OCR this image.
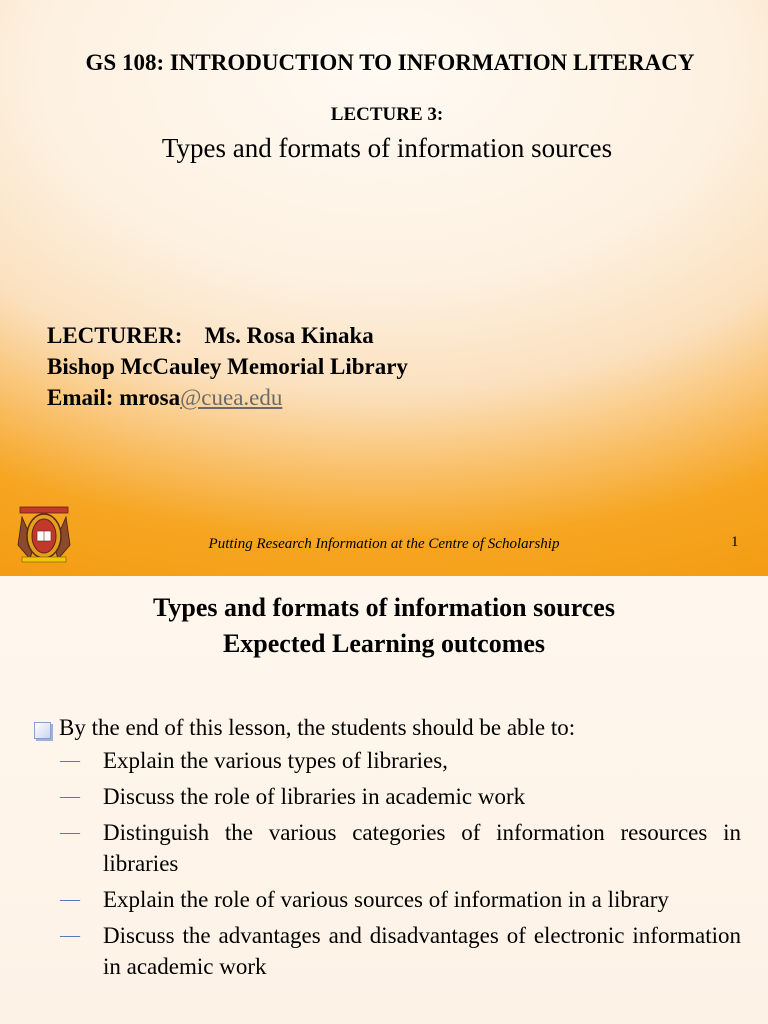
GS 108: INTRODUCTION TO INFORMATION LITERACY
LECTURE 3:
Types and formats of information sources
LECTURER: Ms. Rosa Kinaka
Bishop McCauley Memorial Library
Email: mrosa@cuea.edu
Putting Research Information at the Centre of Scholarship	1
Types and formats of information sources
Expected Learning outcomes
By the end of this lesson, the students should be able to:
—	Explain the various types of libraries,
—	Discuss the role of libraries in academic work
—	Distinguish the various categories of information resources in libraries
—	Explain the role of various sources of information in a library
—	Discuss the advantages and disadvantages of electronic information in academic work
